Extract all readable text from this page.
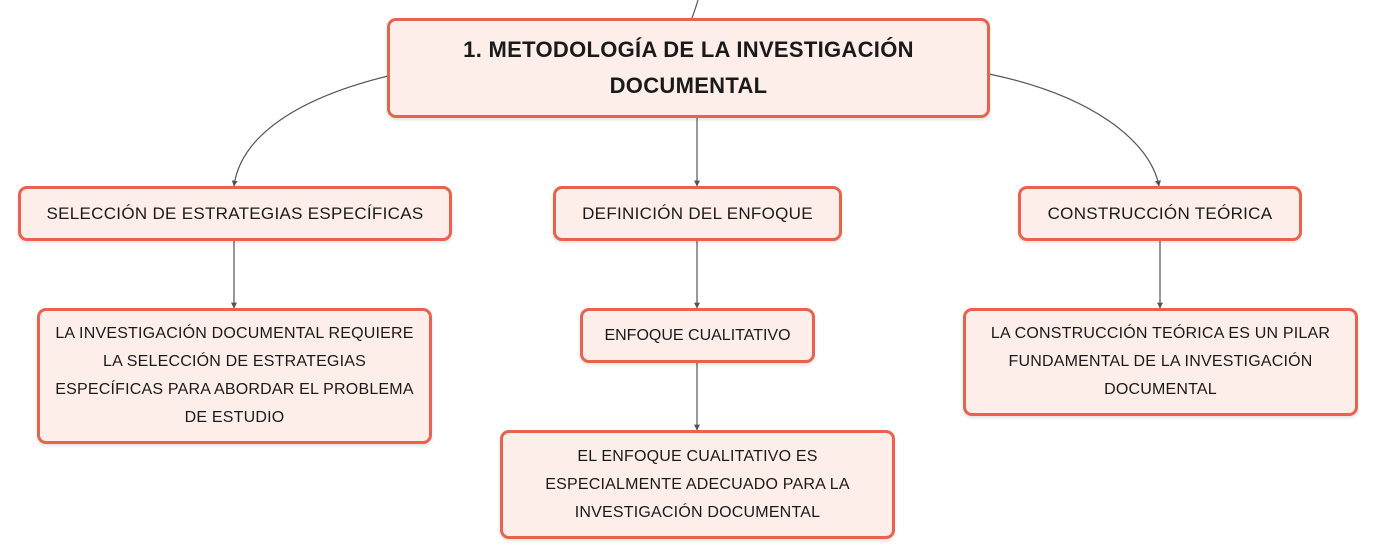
1. METODOLOGÍA DE LA INVESTIGACIÓN DOCUMENTAL
SELECCIÓN DE ESTRATEGIAS ESPECÍFICAS	DEFINICIÓN DEL ENFOQUE	CONSTRUCCIÓN TEÓRICA
LA INVESTIGACIÓN DOCUMENTAL REQUIERE LA SELECCIÓN DE ESTRATEGIAS ESPECÍFICAS PARA ABORDAR EL PROBLEMA DE ESTUDIO
ENFOQUE CUALITATIVO
EL ENFOQUE CUALITATIVO ES ESPECIALMENTE ADECUADO PARA LA INVESTIGACIÓN DOCUMENTAL
LA CONSTRUCCIÓN TEÓRICA ES UN PILAR FUNDAMENTAL DE LA INVESTIGACIÓN DOCUMENTAL
